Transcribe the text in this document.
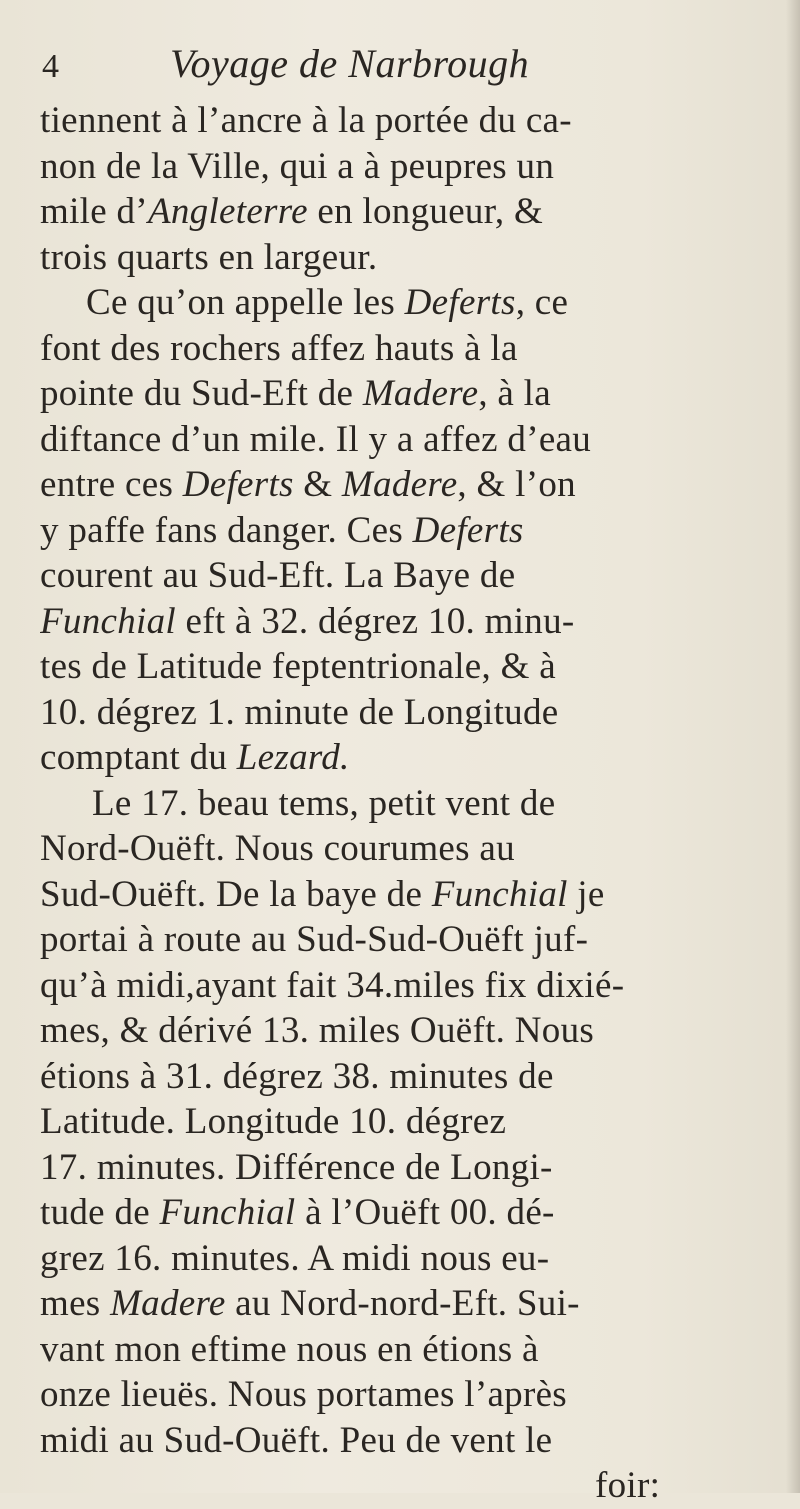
4	Voyage de Narbrough
tiennent à l’ancre à la portée du ca-
non de la Ville, qui a à peupres un
mile d’Angleterre en longueur, &
trois quarts en largeur.
Ce qu’on appelle les Deferts, ce
font des rochers affez hauts à la
pointe du Sud-Eft de Madere, à la
diftance d’un mile. Il y a affez d’eau
entre ces Deferts & Madere, & l’on
y paffe fans danger. Ces Deferts
courent au Sud-Eft. La Baye de
Funchial eft à 32. dégrez 10. minu-
tes de Latitude feptentrionale, & à
10. dégrez 1. minute de Longitude
comptant du Lezard.
Le 17. beau tems, petit vent de
Nord-Ouëft. Nous courumes au
Sud-Ouëft. De la baye de Funchial je
portai à route au Sud-Sud-Ouëft juf-
qu’à midi,ayant fait 34.miles fix dixié-
mes, & dérivé 13. miles Ouëft. Nous
étions à 31. dégrez 38. minutes de
Latitude. Longitude 10. dégrez
17. minutes. Différence de Longi-
tude de Funchial à l’Ouëft 00. dé-
grez 16. minutes. A midi nous eu-
mes Madere au Nord-nord-Eft. Sui-
vant mon eftime nous en étions à
onze lieuës. Nous portames l’après
midi au Sud-Ouëft. Peu de vent le
foir:
